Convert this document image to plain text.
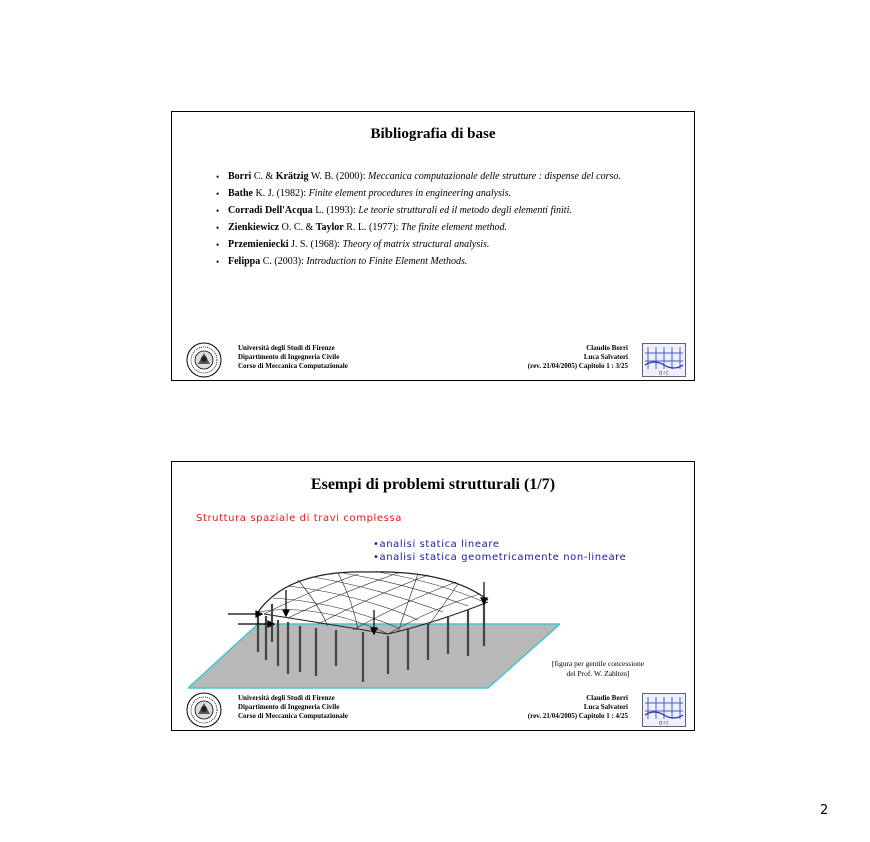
Bibliografia di base
• Borri C. & Krätzig W. B. (2000): Meccanica computazionale delle strutture : dispense del corso.
• Bathe K. J. (1982): Finite element procedures in engineering analysis.
• Corradi Dell'Acqua L. (1993): Le teorie strutturali ed il metodo degli elementi finiti.
• Zienkiewicz O. C. & Taylor R. L. (1977): The finite element method.
• Przemieniecki J. S. (1968): Theory of matrix structural analysis.
• Felippa C. (2003): Introduction to Finite Element Methods.
Università degli Studi di Firenze
Dipartimento di Ingegneria Civile
Corso di Meccanica Computazionale
Claudio Borri
Luca Salvatori
(rev. 21/04/2005) Capitolo 1 : 3/25
D I C
Esempi di problemi strutturali (1/7)
Struttura spaziale di travi complessa
•analisi statica lineare
•analisi statica geometricamente non-lineare
[figura per gentile concessione
del Prof. W. Zahlten]
Università degli Studi di Firenze
Dipartimento di Ingegneria Civile
Corso di Meccanica Computazionale
Claudio Borri
Luca Salvatori
(rev. 21/04/2005) Capitolo 1 : 4/25
D I C
2
